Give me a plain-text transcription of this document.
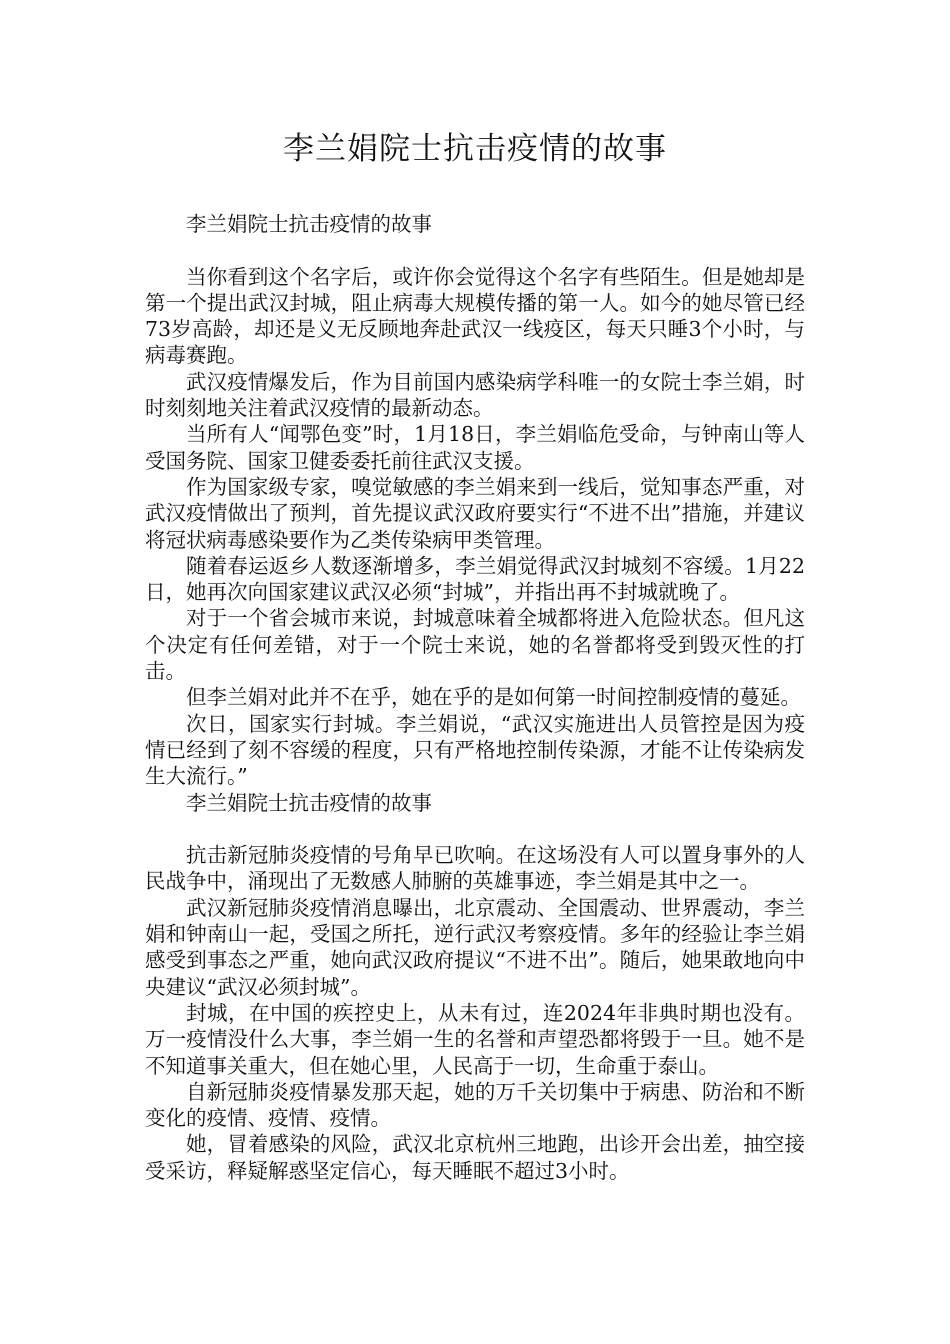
李兰娟院士抗击疫情的故事

李兰娟院士抗击疫情的故事

当你看到这个名字后，或许你会觉得这个名字有些陌生。但是她却是第一个提出武汉封城，阻止病毒大规模传播的第一人。如今的她尽管已经73岁高龄，却还是义无反顾地奔赴武汉一线疫区，每天只睡3个小时，与病毒赛跑。

武汉疫情爆发后，作为目前国内感染病学科唯一的女院士李兰娟，时时刻刻地关注着武汉疫情的最新动态。

当所有人“闻鄂色变”时，1月18日，李兰娟临危受命，与钟南山等人受国务院、国家卫健委委托前往武汉支援。

作为国家级专家，嗅觉敏感的李兰娟来到一线后，觉知事态严重，对武汉疫情做出了预判，首先提议武汉政府要实行“不进不出”措施，并建议将冠状病毒感染要作为乙类传染病甲类管理。

随着春运返乡人数逐渐增多，李兰娟觉得武汉封城刻不容缓。1月22日，她再次向国家建议武汉必须“封城”，并指出再不封城就晚了。

对于一个省会城市来说，封城意味着全城都将进入危险状态。但凡这个决定有任何差错，对于一个院士来说，她的名誉都将受到毁灭性的打击。

但李兰娟对此并不在乎，她在乎的是如何第一时间控制疫情的蔓延。

次日，国家实行封城。李兰娟说，“武汉实施进出人员管控是因为疫情已经到了刻不容缓的程度，只有严格地控制传染源，才能不让传染病发生大流行。”

李兰娟院士抗击疫情的故事

抗击新冠肺炎疫情的号角早已吹响。在这场没有人可以置身事外的人民战争中，涌现出了无数感人肺腑的英雄事迹，李兰娟是其中之一。

武汉新冠肺炎疫情消息曝出，北京震动、全国震动、世界震动，李兰娟和钟南山一起，受国之所托，逆行武汉考察疫情。多年的经验让李兰娟感受到事态之严重，她向武汉政府提议“不进不出”。随后，她果敢地向中央建议“武汉必须封城”。

封城，在中国的疾控史上，从未有过，连2024年非典时期也没有。万一疫情没什么大事，李兰娟一生的名誉和声望恐都将毁于一旦。她不是不知道事关重大，但在她心里，人民高于一切，生命重于泰山。

自新冠肺炎疫情暴发那天起，她的万千关切集中于病患、防治和不断变化的疫情、疫情、疫情。

她，冒着感染的风险，武汉北京杭州三地跑，出诊开会出差，抽空接受采访，释疑解惑坚定信心，每天睡眠不超过3小时。
